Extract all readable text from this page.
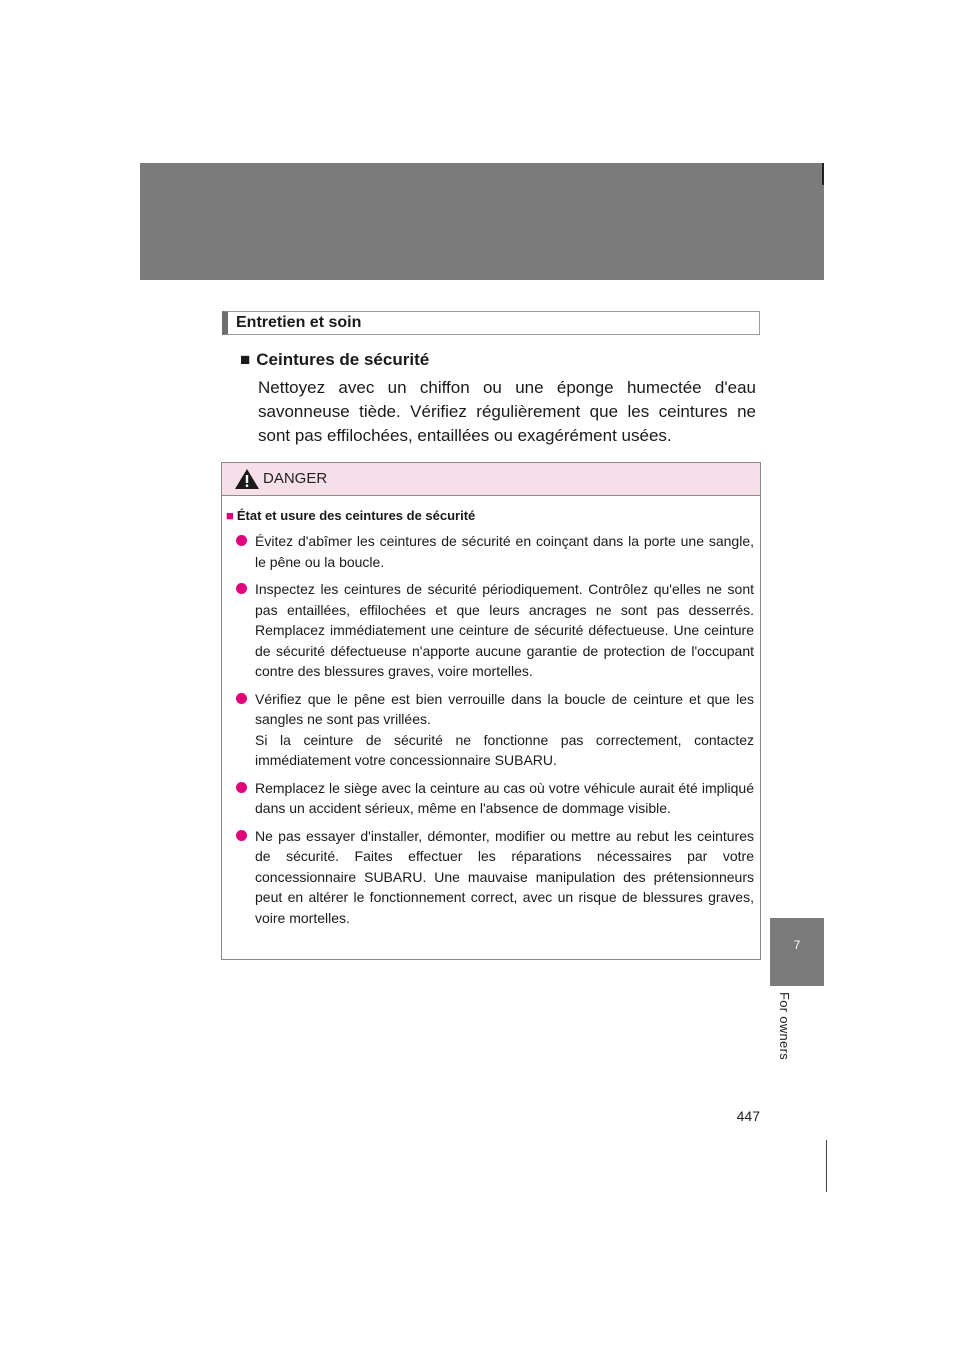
Entretien et soin
■ Ceintures de sécurité
Nettoyez avec un chiffon ou une éponge humectée d'eau savonneuse tiède. Vérifiez régulièrement que les ceintures ne sont pas effilochées, entaillées ou exagérément usées.
DANGER
■ État et usure des ceintures de sécurité

Évitez d'abîmer les ceintures de sécurité en coinçant dans la porte une sangle, le pêne ou la boucle.

Inspectez les ceintures de sécurité périodiquement. Contrôlez qu'elles ne sont pas entaillées, effilochées et que leurs ancrages ne sont pas desserrés. Remplacez immédiatement une ceinture de sécurité défectueuse. Une ceinture de sécurité défectueuse n'apporte aucune garantie de protection de l'occupant contre des blessures graves, voire mortelles.

Vérifiez que le pêne est bien verrouille dans la boucle de ceinture et que les sangles ne sont pas vrillées.

Si la ceinture de sécurité ne fonctionne pas correctement, contactez immédiatement votre concessionnaire SUBARU.

Remplacez le siège avec la ceinture au cas où votre véhicule aurait été impliqué dans un accident sérieux, même en l'absence de dommage visible.

Ne pas essayer d'installer, démonter, modifier ou mettre au rebut les ceintures de sécurité. Faites effectuer les réparations nécessaires par votre concessionnaire SUBARU. Une mauvaise manipulation des prétensionneurs peut en altérer le fonctionnement correct, avec un risque de blessures graves, voire mortelles.

7
For owners
447
